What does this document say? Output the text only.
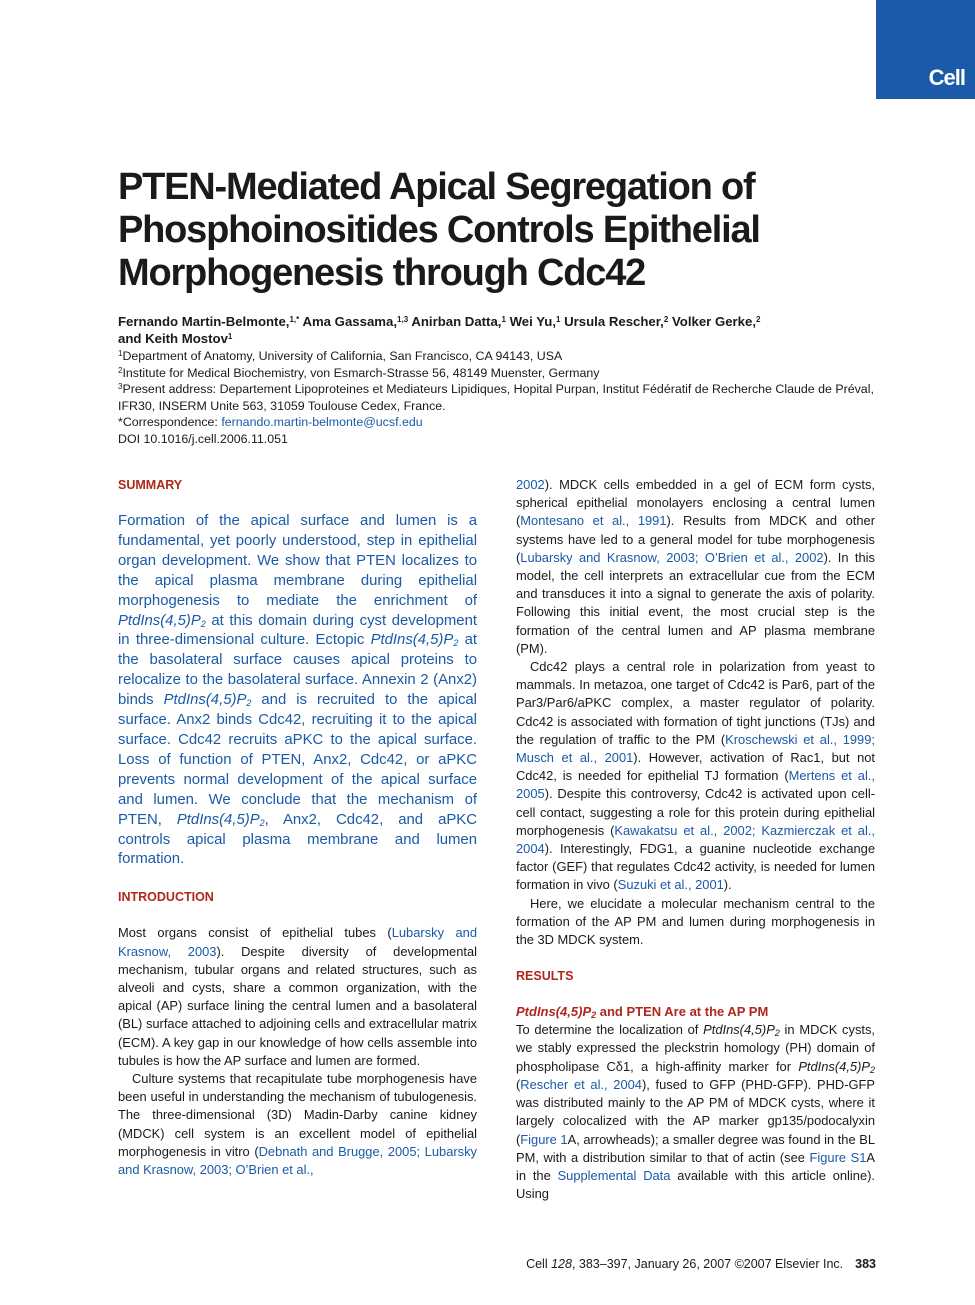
Cell
PTEN-Mediated Apical Segregation of Phosphoinositides Controls Epithelial Morphogenesis through Cdc42
Fernando Martin-Belmonte,$^{1,*}$ Ama Gassama,$^{1,3}$ Anirban Datta,$^1$ Wei Yu,$^1$ Ursula Rescher,$^2$ Volker Gerke,$^2$
and Keith Mostov$^1$
$^1$Department of Anatomy, University of California, San Francisco, CA 94143, USA
$^2$Institute for Medical Biochemistry, von Esmarch-Strasse 56, 48149 Muenster, Germany
$^3$Present address: Departement Lipoproteines et Mediateurs Lipidiques, Hopital Purpan, Institut Fédératif de Recherche Claude de Préval, IFR30, INSERM Unite 563, 31059 Toulouse Cedex, France.
*Correspondence: fernando.martin-belmonte@ucsf.edu
DOI 10.1016/j.cell.2006.11.051

SUMMARY

Formation of the apical surface and lumen is a fundamental, yet poorly understood, step in epithelial organ development. We show that PTEN localizes to the apical plasma membrane during epithelial morphogenesis to mediate the enrichment of $PtdIns(4,5)P_2$ at this domain during cyst development in three-dimensional culture. Ectopic $PtdIns(4,5)P_2$ at the basolateral surface causes apical proteins to relocalize to the basolateral surface. Annexin 2 (Anx2) binds $PtdIns(4,5)P_2$ and is recruited to the apical surface. Anx2 binds Cdc42, recruiting it to the apical surface. Cdc42 recruits aPKC to the apical surface. Loss of function of PTEN, Anx2, Cdc42, or aPKC prevents normal development of the apical surface and lumen. We conclude that the mechanism of PTEN, $PtdIns(4,5)P_2$, Anx2, Cdc42, and aPKC controls apical plasma membrane and lumen formation.

INTRODUCTION

Most organs consist of epithelial tubes (Lubarsky and Krasnow, 2003). Despite diversity of developmental mechanism, tubular organs and related structures, such as alveoli and cysts, share a common organization, with the apical (AP) surface lining the central lumen and a basolateral (BL) surface attached to adjoining cells and extracellular matrix (ECM). A key gap in our knowledge of how cells assemble into tubules is how the AP surface and lumen are formed.

Culture systems that recapitulate tube morphogenesis have been useful in understanding the mechanism of tubulogenesis. The three-dimensional (3D) Madin-Darby canine kidney (MDCK) cell system is an excellent model of epithelial morphogenesis in vitro (Debnath and Brugge, 2005; Lubarsky and Krasnow, 2003; O’Brien et al.,

2002). MDCK cells embedded in a gel of ECM form cysts, spherical epithelial monolayers enclosing a central lumen (Montesano et al., 1991). Results from MDCK and other systems have led to a general model for tube morphogenesis (Lubarsky and Krasnow, 2003; O’Brien et al., 2002). In this model, the cell interprets an extracellular cue from the ECM and transduces it into a signal to generate the axis of polarity. Following this initial event, the most crucial step is the formation of the central lumen and AP plasma membrane (PM).

Cdc42 plays a central role in polarization from yeast to mammals. In metazoa, one target of Cdc42 is Par6, part of the Par3/Par6/aPKC complex, a master regulator of polarity. Cdc42 is associated with formation of tight junctions (TJs) and the regulation of traffic to the PM (Kroschewski et al., 1999; Musch et al., 2001). However, activation of Rac1, but not Cdc42, is needed for epithelial TJ formation (Mertens et al., 2005). Despite this controversy, Cdc42 is activated upon cell-cell contact, suggesting a role for this protein during epithelial morphogenesis (Kawakatsu et al., 2002; Kazmierczak et al., 2004). Interestingly, FDG1, a guanine nucleotide exchange factor (GEF) that regulates Cdc42 activity, is needed for lumen formation in vivo (Suzuki et al., 2001).

Here, we elucidate a molecular mechanism central to the formation of the AP PM and lumen during morphogenesis in the 3D MDCK system.

RESULTS

$PtdIns(4,5)P_2$ and PTEN Are at the AP PM

To determine the localization of $PtdIns(4,5)P_2$ in MDCK cysts, we stably expressed the pleckstrin homology (PH) domain of phospholipase Cδ1, a high-affinity marker for $PtdIns(4,5)P_2$ (Rescher et al., 2004), fused to GFP (PHD-GFP). PHD-GFP was distributed mainly to the AP PM of MDCK cysts, where it largely colocalized with the AP marker gp135/podocalyxin (Figure 1A, arrowheads); a smaller degree was found in the BL PM, with a distribution similar to that of actin (see Figure S1A in the Supplemental Data available with this article online). Using

Cell 128, 383–397, January 26, 2007 ©2007 Elsevier Inc. 383
